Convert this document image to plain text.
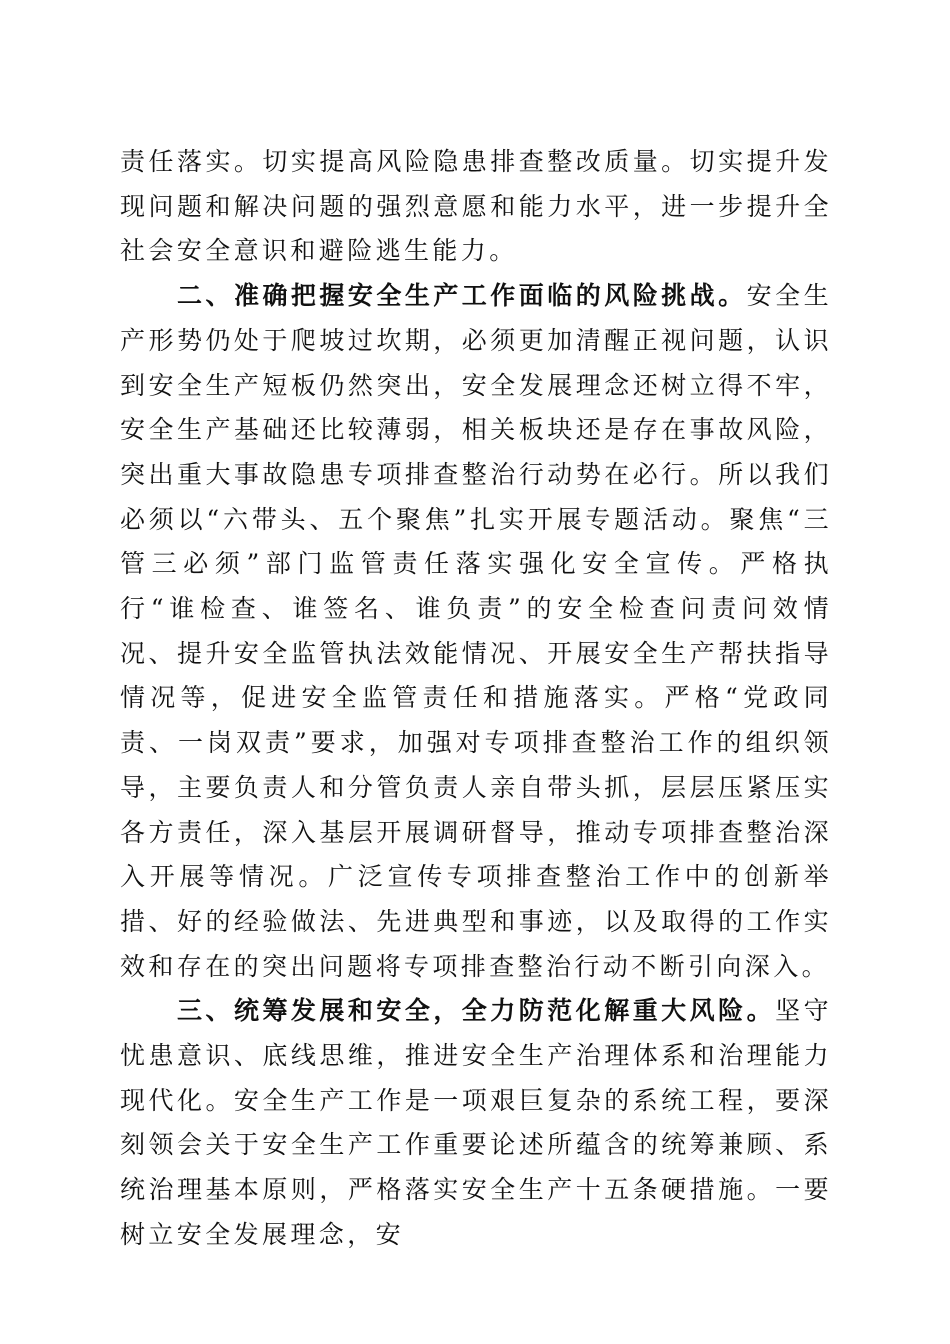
责任落实。切实提高风险隐患排查整改质量。切实提升发现问题和解决问题的强烈意愿和能力水平，进一步提升全社会安全意识和避险逃生能力。

二、准确把握安全生产工作面临的风险挑战。安全生产形势仍处于爬坡过坎期，必须更加清醒正视问题，认识到安全生产短板仍然突出，安全发展理念还树立得不牢，安全生产基础还比较薄弱，相关板块还是存在事故风险，突出重大事故隐患专项排查整治行动势在必行。所以我们必须以“六带头、五个聚焦”扎实开展专题活动。聚焦“三管三必须”部门监管责任落实强化安全宣传。严格执行“谁检查、谁签名、谁负责”的安全检查问责问效情况、提升安全监管执法效能情况、开展安全生产帮扶指导情况等，促进安全监管责任和措施落实。严格“党政同责、一岗双责”要求，加强对专项排查整治工作的组织领导，主要负责人和分管负责人亲自带头抓，层层压紧压实各方责任，深入基层开展调研督导，推动专项排查整治深入开展等情况。广泛宣传专项排查整治工作中的创新举措、好的经验做法、先进典型和事迹，以及取得的工作实效和存在的突出问题将专项排查整治行动不断引向深入。

三、统筹发展和安全，全力防范化解重大风险。坚守忧患意识、底线思维，推进安全生产治理体系和治理能力现代化。安全生产工作是一项艰巨复杂的系统工程，要深刻领会关于安全生产工作重要论述所蕴含的统筹兼顾、系统治理基本原则，严格落实安全生产十五条硬措施。一要树立安全发展理念，安
